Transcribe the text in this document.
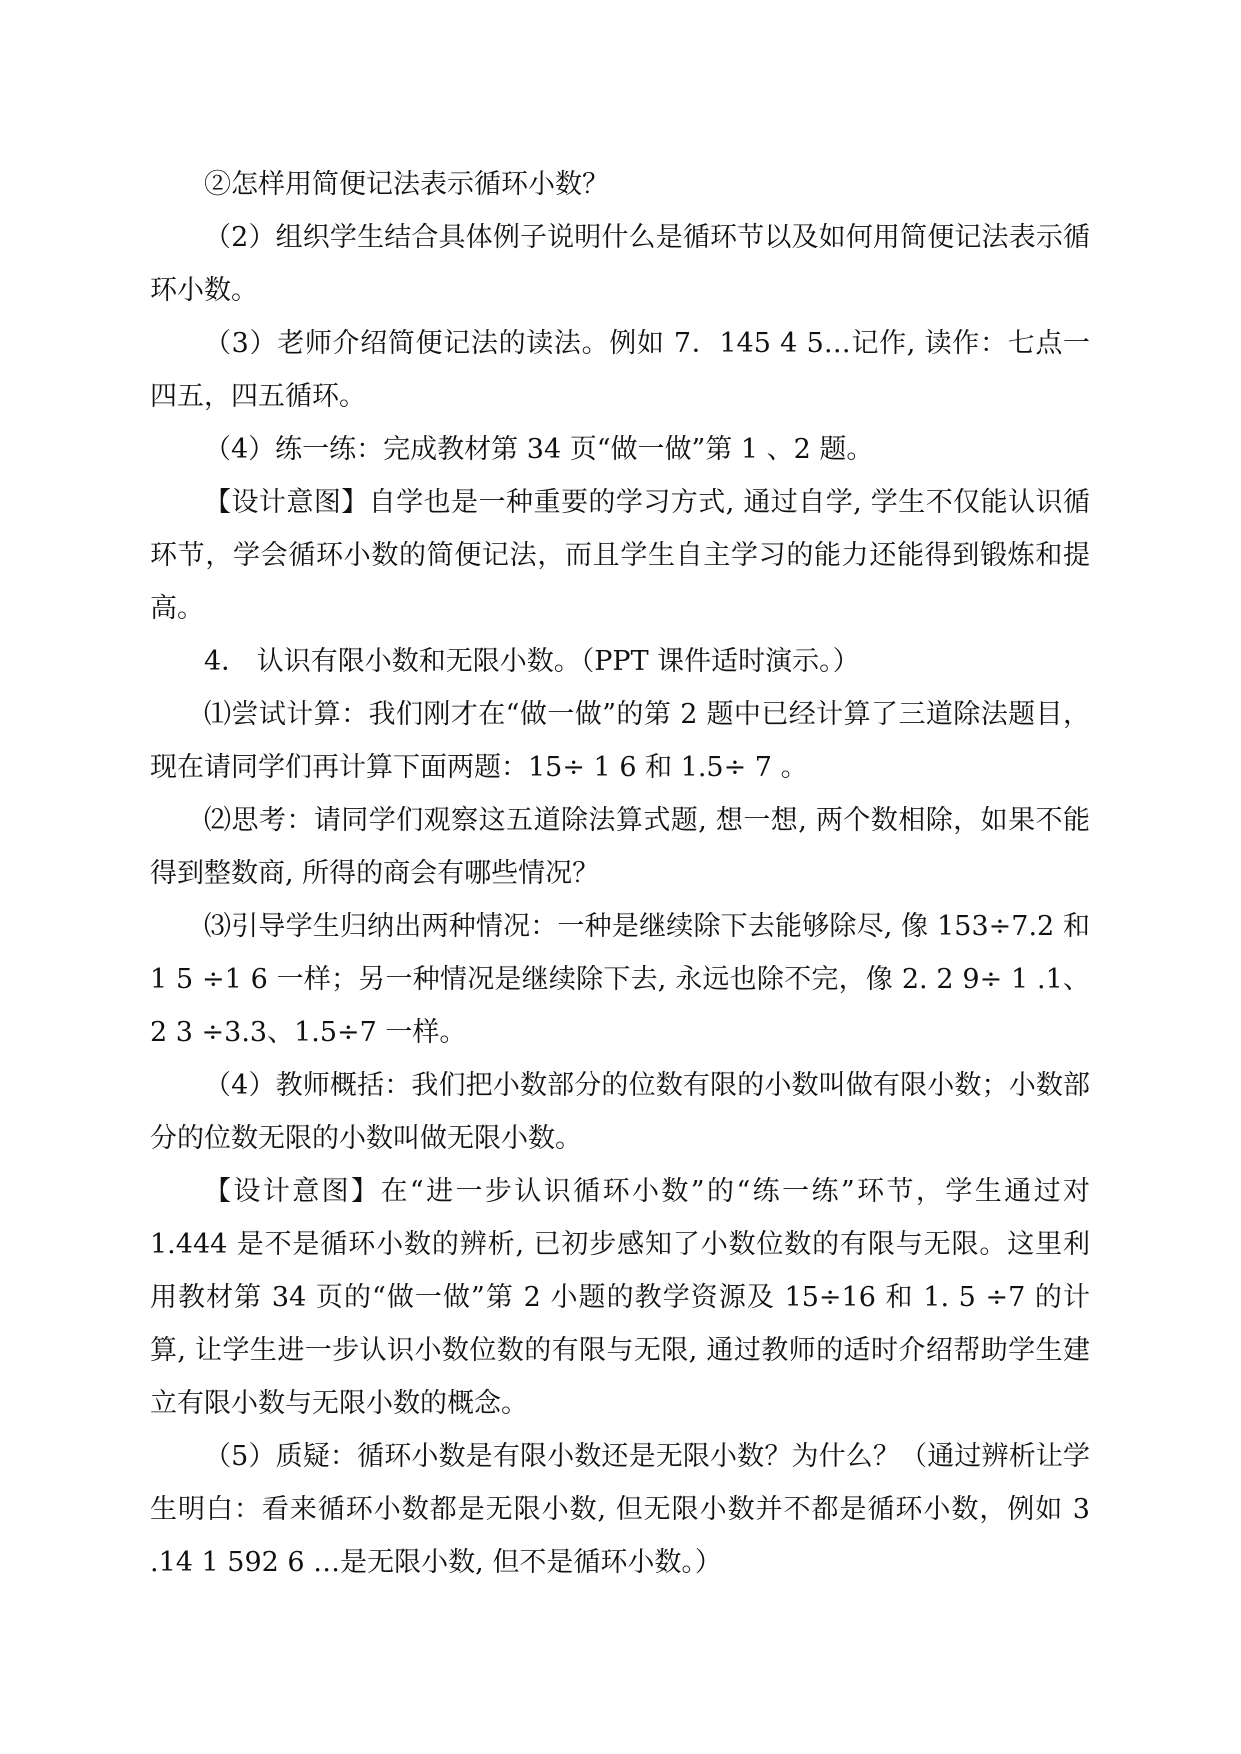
②怎样用简便记法表示循环小数？

（2）组织学生结合具体例子说明什么是循环节以及如何用简便记法表示循环小数。

（3）老师介绍简便记法的读法。例如 7．145 4 5…记作, 读作：七点一四五，四五循环。

（4）练一练：完成教材第 34 页“做一做”第 1 、2 题。

【设计意图】自学也是一种重要的学习方式, 通过自学, 学生不仅能认识循环节，学会循环小数的简便记法，而且学生自主学习的能力还能得到锻炼和提高。

4． 认识有限小数和无限小数。（PPT 课件适时演示。）

⑴尝试计算：我们刚才在“做一做”的第 2 题中已经计算了三道除法题目，现在请同学们再计算下面两题：15÷ 1 6 和 1.5÷ 7 。

⑵思考：请同学们观察这五道除法算式题, 想一想, 两个数相除，如果不能得到整数商, 所得的商会有哪些情况？

⑶引导学生归纳出两种情况：一种是继续除下去能够除尽, 像 153÷7.2 和 1 5 ÷1 6 一样；另一种情况是继续除下去, 永远也除不完，像 2. 2 9÷ 1 .1、2 3 ÷3.3、1.5÷7 一样。

（4）教师概括：我们把小数部分的位数有限的小数叫做有限小数；小数部分的位数无限的小数叫做无限小数。

【设计意图】在“进一步认识循环小数”的“练一练”环节，学生通过对 1.444 是不是循环小数的辨析, 已初步感知了小数位数的有限与无限。这里利用教材第 34 页的“做一做”第 2 小题的教学资源及 15÷16 和 1. 5 ÷7 的计算, 让学生进一步认识小数位数的有限与无限, 通过教师的适时介绍帮助学生建立有限小数与无限小数的概念。

（5）质疑：循环小数是有限小数还是无限小数？为什么？（通过辨析让学生明白：看来循环小数都是无限小数, 但无限小数并不都是循环小数，例如 3 .14 1 592 6 …是无限小数, 但不是循环小数。）
